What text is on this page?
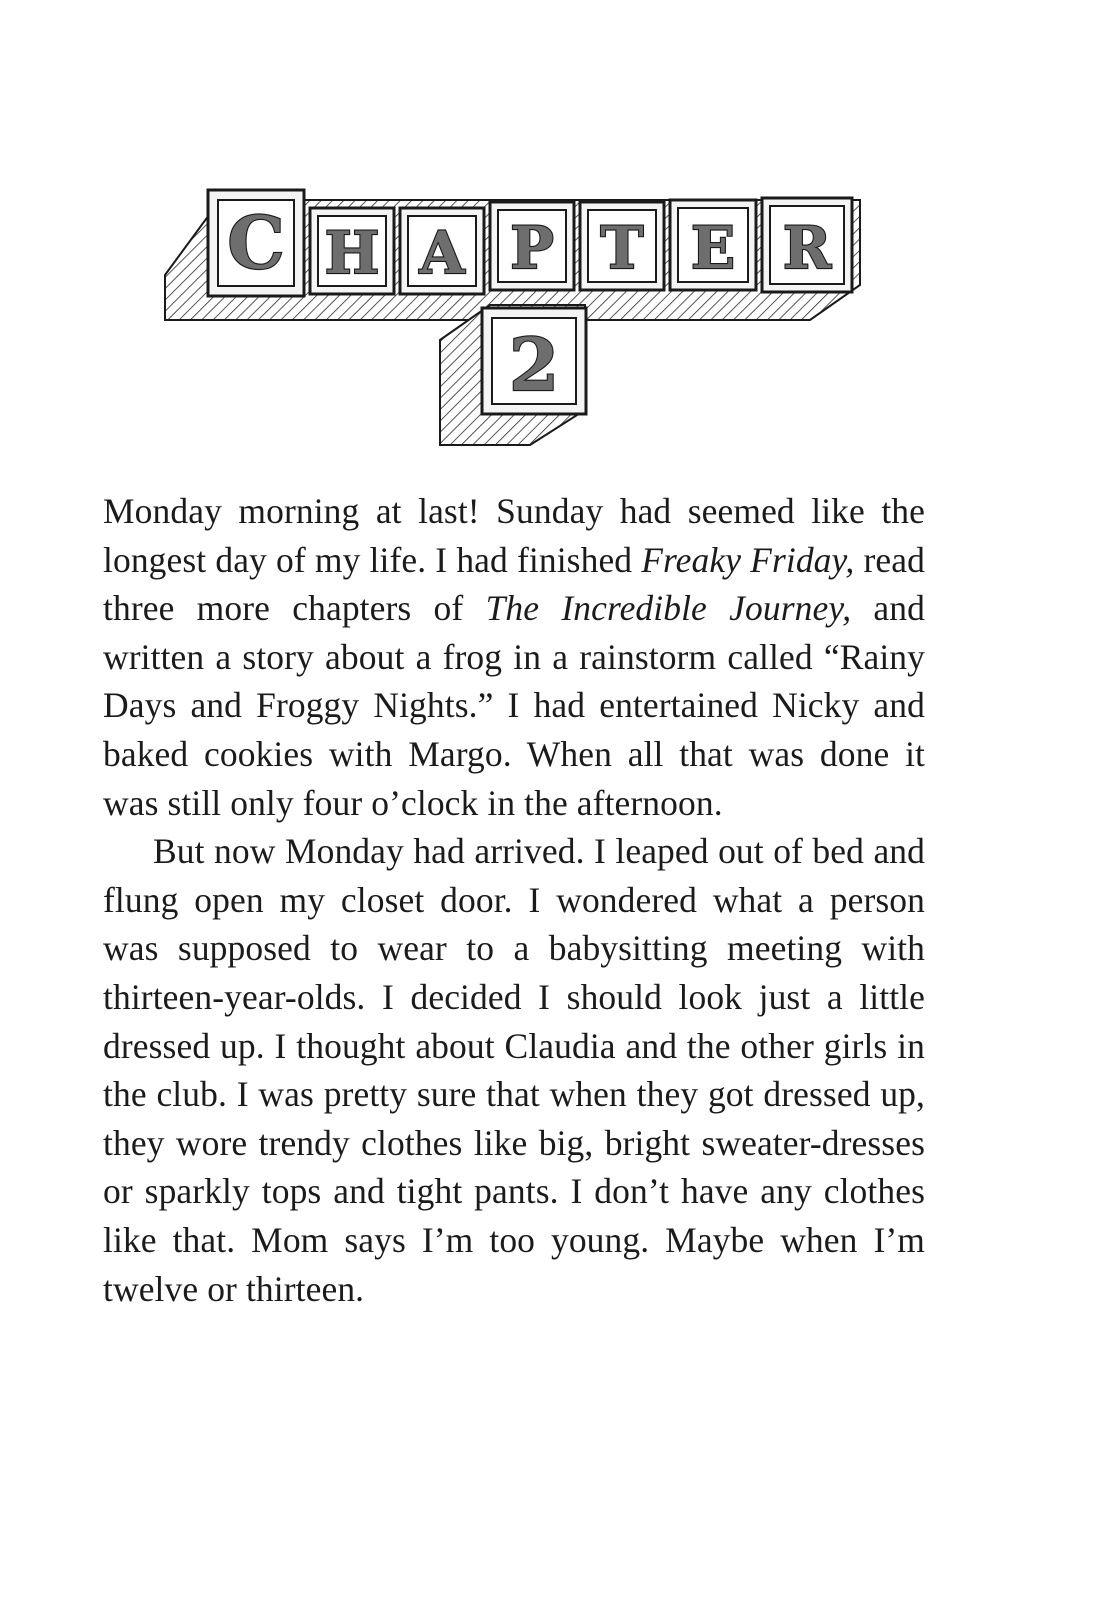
C H A P T E R
2

Monday morning at last! Sunday had seemed like the longest day of my life. I had finished Freaky Friday, read three more chapters of The Incredible Journey, and written a story about a frog in a rainstorm called “Rainy Days and Froggy Nights.” I had entertained Nicky and baked cookies with Margo. When all that was done it was still only four o’clock in the afternoon.

But now Monday had arrived. I leaped out of bed and flung open my closet door. I wondered what a person was supposed to wear to a babysitting meeting with thirteen-year-olds. I decided I should look just a little dressed up. I thought about Claudia and the other girls in the club. I was pretty sure that when they got dressed up, they wore trendy clothes like big, bright sweater-dresses or sparkly tops and tight pants. I don’t have any clothes like that. Mom says I’m too young. Maybe when I’m twelve or thirteen.
